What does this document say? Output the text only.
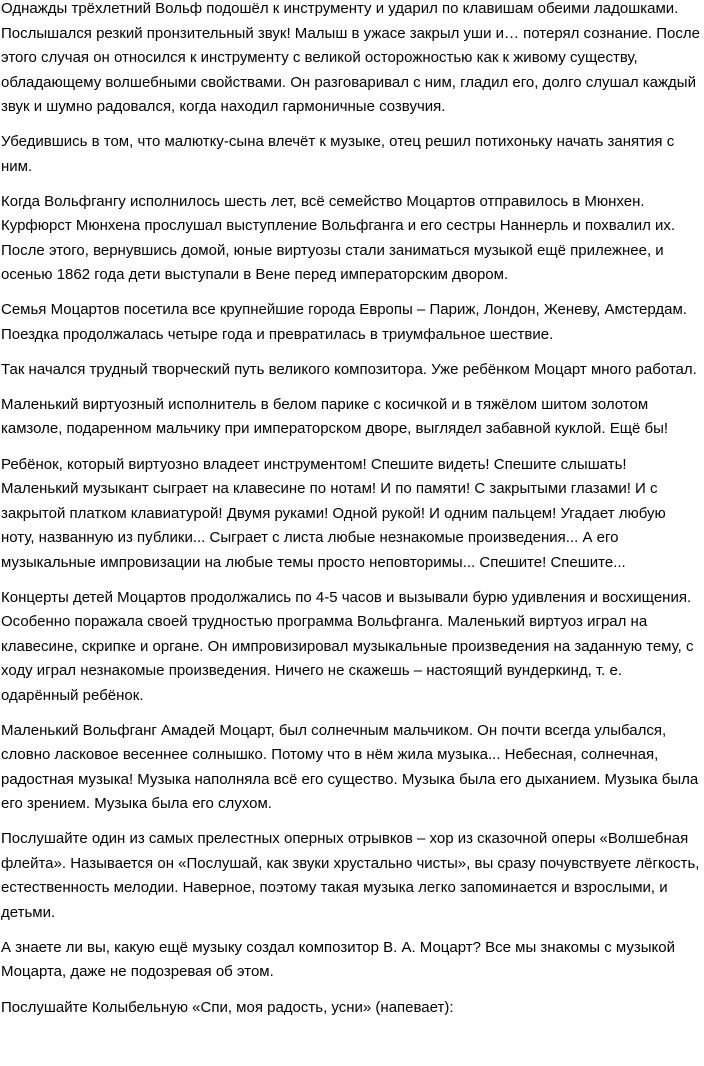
Однажды трёхлетний Вольф подошёл к инструменту и ударил по клавишам обеими ладошками. Послышался резкий пронзительный звук! Малыш в ужасе закрыл уши и… потерял сознание. После этого случая он относился к инструменту с великой осторожностью как к живому существу, обладающему волшебными свойствами. Он разговаривал с ним, гладил его, долго слушал каждый звук и шумно радовался, когда находил гармоничные созвучия.

Убедившись в том, что малютку-сына влечёт к музыке, отец решил потихоньку начать занятия с ним.

Когда Вольфгангу исполнилось шесть лет, всё семейство Моцартов отправилось в Мюнхен. Курфюрст Мюнхена прослушал выступление Вольфганга и его сестры Наннерль и похвалил их. После этого, вернувшись домой, юные виртуозы стали заниматься музыкой ещё прилежнее, и осенью 1862 года дети выступали в Вене перед императорским двором.

Семья Моцартов посетила все крупнейшие города Европы – Париж, Лондон, Женеву, Амстердам. Поездка продолжалась четыре года и превратилась в триумфальное шествие.

Так начался трудный творческий путь великого композитора. Уже ребёнком Моцарт много работал.

Маленький виртуозный исполнитель в белом парике с косичкой и в тяжёлом шитом золотом камзоле, подаренном мальчику при императорском дворе, выглядел забавной куклой. Ещё бы!

Ребёнок, который виртуозно владеет инструментом! Спешите видеть! Спешите слышать! Маленький музыкант сыграет на клавесине по нотам! И по памяти! С закрытыми глазами! И с закрытой платком клавиатурой! Двумя руками! Одной рукой! И одним пальцем! Угадает любую ноту, названную из публики... Сыграет с листа любые незнакомые произведения... А его музыкальные импровизации на любые темы просто неповторимы... Спешите! Спешите...

Концерты детей Моцартов продолжались по 4-5 часов и вызывали бурю удивления и восхищения. Особенно поражала своей трудностью программа Вольфганга. Маленький виртуоз играл на клавесине, скрипке и органе. Он импровизировал музыкальные произведения на заданную тему, с ходу играл незнакомые произведения. Ничего не скажешь – настоящий вундеркинд, т. е. одарённый ребёнок.

Маленький Вольфганг Амадей Моцарт, был солнечным мальчиком. Он почти всегда улыбался, словно ласковое весеннее солнышко. Потому что в нём жила музыка... Небесная, солнечная, радостная музыка! Музыка наполняла всё его существо. Музыка была его дыханием. Музыка была его зрением. Музыка была его слухом.

Послушайте один из самых прелестных оперных отрывков – хор из сказочной оперы «Волшебная флейта». Называется он «Послушай, как звуки хрустально чисты», вы сразу почувствуете лёгкость, естественность мелодии. Наверное, поэтому такая музыка легко запоминается и взрослыми, и детьми.

А знаете ли вы, какую ещё музыку создал композитор В. А. Моцарт? Все мы знакомы с музыкой Моцарта, даже не подозревая об этом.

Послушайте Колыбельную «Спи, моя радость, усни» (напевает):
